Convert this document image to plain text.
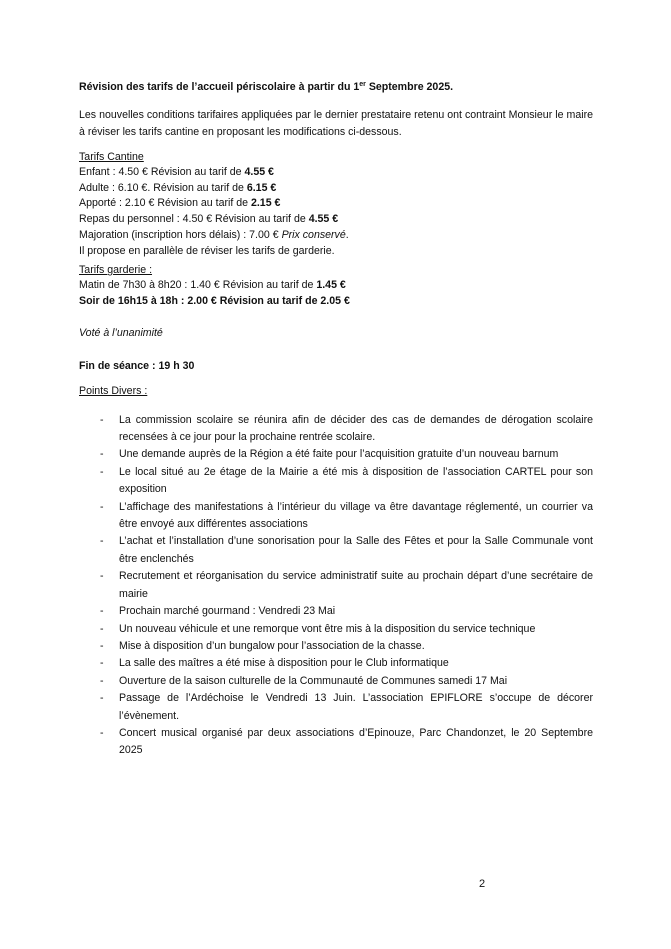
Révision des tarifs de l’accueil périscolaire à partir du 1er Septembre 2025.

Les nouvelles conditions tarifaires appliquées par le dernier prestataire retenu ont contraint Monsieur le maire à réviser les tarifs cantine en proposant les modifications ci-dessous.
Tarifs Cantine
Enfant : 4.50 € Révision au tarif de 4.55 €
Adulte : 6.10 €. Révision au tarif de 6.15 €
Apporté : 2.10 € Révision au tarif de 2.15 €
Repas du personnel : 4.50 € Révision au tarif de 4.55 €
Majoration (inscription hors délais) : 7.00 € Prix conservé.
Il propose en parallèle de réviser les tarifs de garderie.
Tarifs garderie :
Matin de 7h30 à 8h20 : 1.40 € Révision au tarif de 1.45 €
Soir de 16h15 à 18h : 2.00 € Révision au tarif de 2.05 €
Voté à l’unanimité
Fin de séance : 19 h 30
Points Divers :
- La commission scolaire se réunira afin de décider des cas de demandes de dérogation scolaire recensées à ce jour pour la prochaine rentrée scolaire.
- Une demande auprès de la Région a été faite pour l’acquisition gratuite d’un nouveau barnum
- Le local situé au 2e étage de la Mairie a été mis à disposition de l’association CARTEL pour son exposition
- L’affichage des manifestations à l’intérieur du village va être davantage réglementé, un courrier va être envoyé aux différentes associations
- L’achat et l’installation d’une sonorisation pour la Salle des Fêtes et pour la Salle Communale vont être enclenchés
- Recrutement et réorganisation du service administratif suite au prochain départ d’une secrétaire de mairie
- Prochain marché gourmand : Vendredi 23 Mai
- Un nouveau véhicule et une remorque vont être mis à la disposition du service technique
- Mise à disposition d’un bungalow pour l’association de la chasse.
- La salle des maîtres a été mise à disposition pour le Club informatique
- Ouverture de la saison culturelle de la Communauté de Communes samedi 17 Mai
- Passage de l’Ardéchoise le Vendredi 13 Juin. L’association EPIFLORE s’occupe de décorer l’évènement.
- Concert musical organisé par deux associations d’Epinouze, Parc Chandonzet, le 20 Septembre 2025
2
